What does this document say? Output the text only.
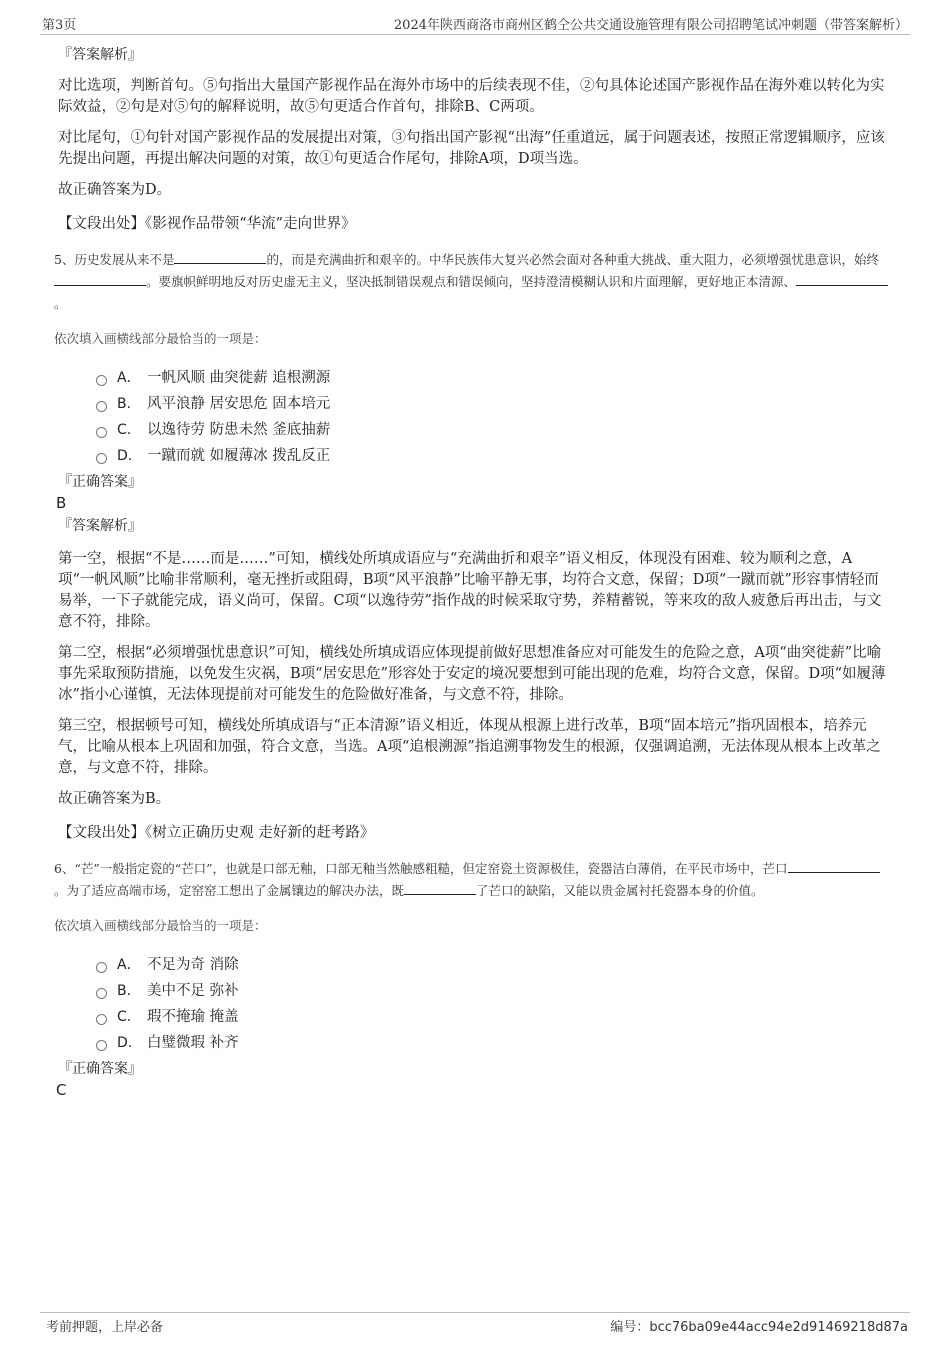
第3页	2024年陕西商洛市商州区鹤仝公共交通设施管理有限公司招聘笔试冲刺题（带答案解析）

『答案解析』

对比选项，判断首句。⑤句指出大量国产影视作品在海外市场中的后续表现不佳，②句具体论述国产影视作品在海外难以转化为实际效益，②句是对⑤句的解释说明，故⑤句更适合作首句，排除B、C两项。

对比尾句，①句针对国产影视作品的发展提出对策，③句指出国产影视“出海”任重道远，属于问题表述，按照正常逻辑顺序，应该先提出问题，再提出解决问题的对策，故①句更适合作尾句，排除A项，D项当选。

故正确答案为D。

【文段出处】《影视作品带领“华流”走向世界》

5、历史发展从来不是	的，而是充满曲折和艰辛的。中华民族伟大复兴必然会面对各种重大挑战、重大阻力，必须增强忧患意识，始终。要旗帜鲜明地反对历史虚无主义，坚决抵制错误观点和错误倾向，坚持澄清模糊认识和片面理解，更好地正本清源、。

依次填入画横线部分最恰当的一项是：

A． 一帆风顺 曲突徙薪 追根溯源
B.	风平浪静 居安思危 固本培元
C.	以逸待劳 防患未然 釜底抽薪
D.	一蹴而就 如履薄冰 拨乱反正

『正确答案』

B

『答案解析』

第一空，根据“不是……而是……”可知，横线处所填成语应与“充满曲折和艰辛”语义相反，体现没有困难、较为顺利之意，A项“一帆风顺”比喻非常顺利，毫无挫折或阻碍，B项“风平浪静”比喻平静无事，均符合文意，保留；D项“一蹴而就”形容事情轻而易举，一下子就能完成，语义尚可，保留。C项“以逸待劳”指作战的时候采取守势，养精蓄锐，等来攻的敌人疲惫后再出击，与文意不符，排除。

第二空，根据“必须增强忧患意识”可知，横线处所填成语应体现提前做好思想准备应对可能发生的危险之意，A项“曲突徙薪”比喻事先采取预防措施，以免发生灾祸，B项“居安思危”形容处于安定的境况要想到可能出现的危难，均符合文意，保留。D项“如履薄冰”指小心谨慎，无法体现提前对可能发生的危险做好准备，与文意不符，排除。

第三空，根据顿号可知，横线处所填成语与“正本清源”语义相近，体现从根源上进行改革，B项“固本培元”指巩固根本，培养元气，比喻从根本上巩固和加强，符合文意，当选。A项“追根溯源”指追溯事物发生的根源，仅强调追溯，无法体现从根本上改革之意，与文意不符，排除。

故正确答案为B。

【文段出处】《树立正确历史观 走好新的赶考路》

6、“芒”一般指定瓷的“芒口”，也就是口部无釉，口部无釉当然触感粗糙，但定窑瓷土资源极佳，瓷器洁白薄俏，在平民市场中，芒口。为了适应高端市场，定窑窑工想出了金属镶边的解决办法，既	了芒口的缺陷，又能以贵金属衬托瓷器本身的价值。

依次填入画横线部分最恰当的一项是：

A． 不足为奇 消除
B.	美中不足 弥补
C.	瑕不掩瑜 掩盖
D.	白璧微瑕 补齐

『正确答案』

C
考前押题，上岸必备	编号：bcc76ba09e44acc94e2d91469218d87a
